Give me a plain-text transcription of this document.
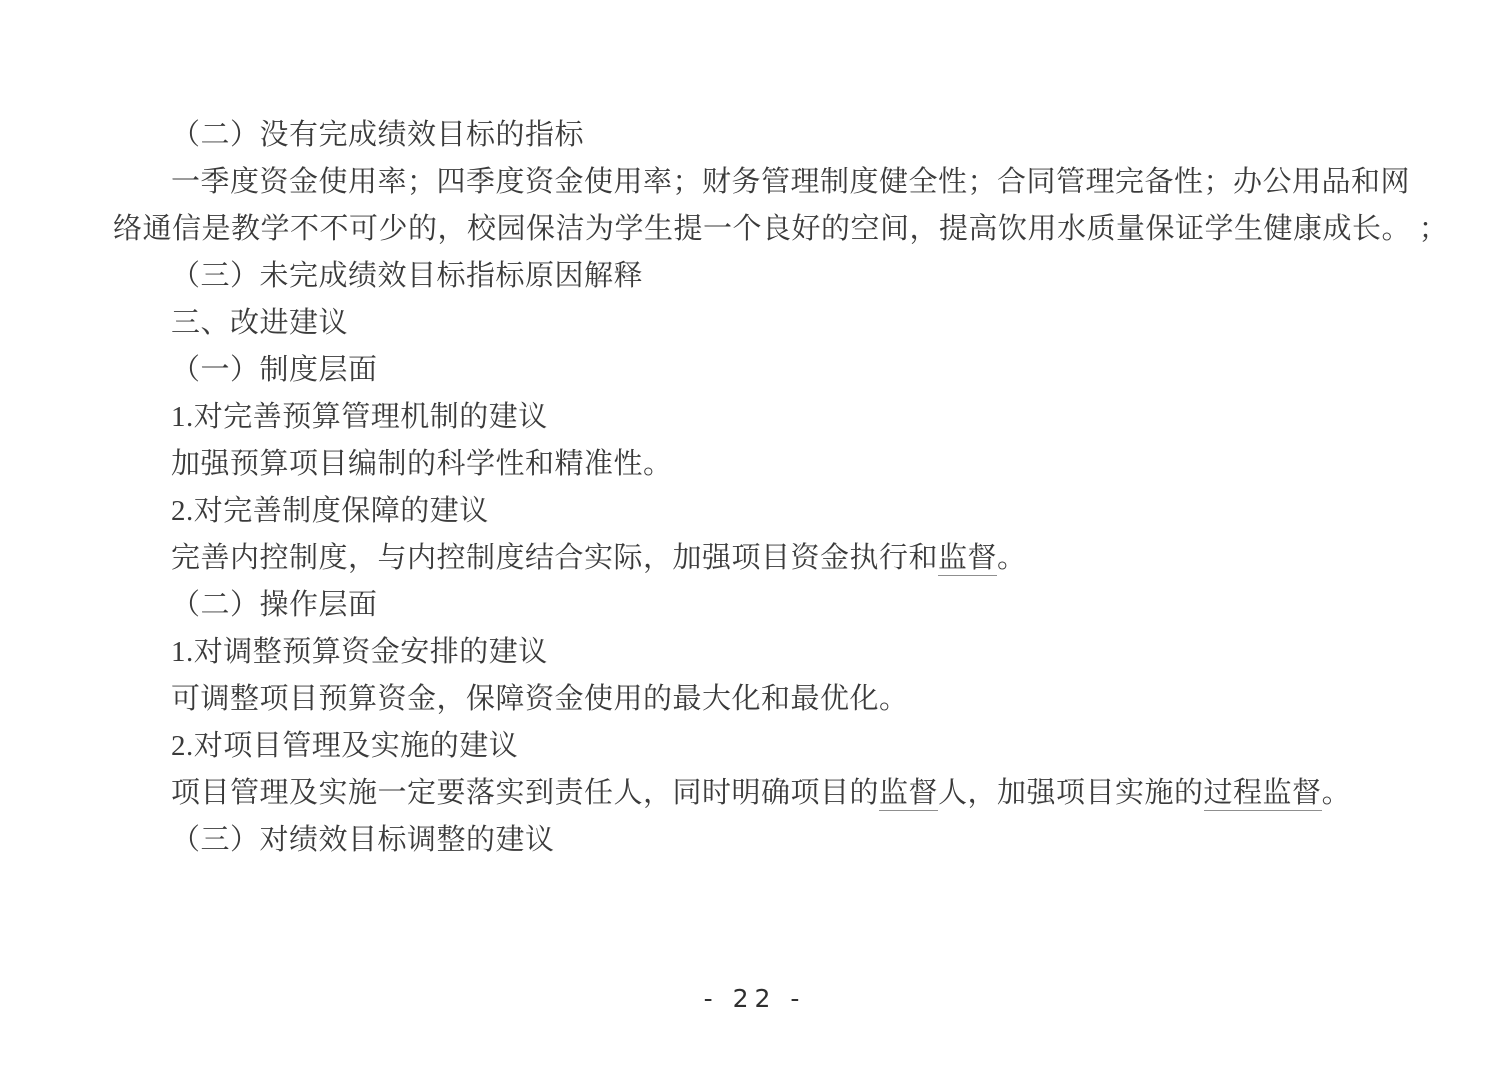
（二）没有完成绩效目标的指标
一季度资金使用率；四季度资金使用率；财务管理制度健全性；合同管理完备性；办公用品和网
络通信是教学不不可少的，校园保洁为学生提一个良好的空间，提高饮用水质量保证学生健康成长。 ；
（三）未完成绩效目标指标原因解释
三、改进建议
（一）制度层面
1.对完善预算管理机制的建议
加强预算项目编制的科学性和精准性。
2.对完善制度保障的建议
完善内控制度，与内控制度结合实际，加强项目资金执行和监督。
（二）操作层面
1.对调整预算资金安排的建议
可调整项目预算资金，保障资金使用的最大化和最优化。
2.对项目管理及实施的建议
项目管理及实施一定要落实到责任人，同时明确项目的监督人，加强项目实施的过程监督。
（三）对绩效目标调整的建议
- 22 -
